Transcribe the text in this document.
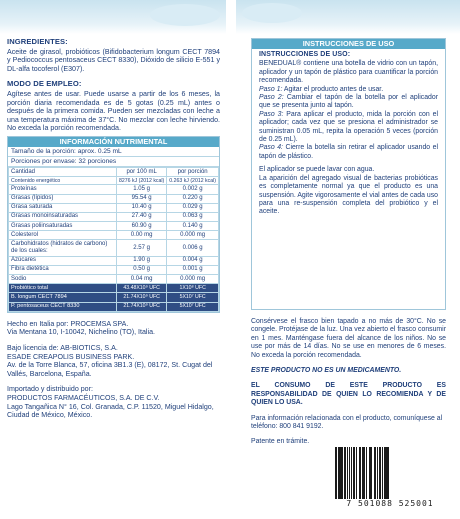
INGREDIENTES:

Aceite de girasol, probióticos (Bifidobacterium longum CECT 7894 y Pediococcus pentosaceus CECT 8330), Dióxido de silicio E-551 y DL-alfa tocoferol (E307).

MODO DE EMPLEO:

Agítese antes de usar. Puede usarse a partir de los 6 meses, la porción diaria recomendada es de 5 gotas (0.25 mL) antes o después de la primera comida. Pueden ser mezcladas con leche a una temperatura máxima de 37°C. No mezclar con leche hirviendo. No exceda la porción recomendada.

INFORMACIÓN NUTRIMENTAL
Tamaño de la porción: aprox. 0.25 mL
Porciones por envase: 32 porciones
Cantidad	por 100 mL	por porción
Contenido energético	8276 kJ (2012 kcal)	0.263 kJ (2012 kcal)
Proteínas	1.05 g	0.002 g
Grasas (lípidos)	95.54 g	0.220 g
Grasa saturada	10.40 g	0.029 g
Grasas monoinsaturadas	27.40 g	0.063 g
Grasas poliinsaturadas	60.90 g	0.140 g
Colesterol	0.00 mg	0.000 mg
Carbohidratos (hidratos de carbono) de los cuales:	2.57 g	0.006 g
Azúcares	1.90 g	0.004 g
Fibra dietética	0.50 g	0.001 g
Sodio	0.04 mg	0.000 mg
Probiótico total	43.48X10⁹ UFC	1X10⁸ UFC
B. longum CECT 7894	21.74X10⁹ UFC	5X10⁷ UFC
P. pentosaceus CECT 8330	21.74X10⁹ UFC	5X10⁷ UFC

Hecho en Italia por: PROCEMSA SPA.

Via Mentana 10, I-10042, Nichelino (TO), Italia.

Bajo licencia de: AB-BIOTICS, S.A.

ESADE CREAPOLIS BUSINESS PARK.

Av. de la Torre Blanca, 57, oficina 3B1.3 (E), 08172, St. Cugat del Vallés, Barcelona, España.

Importado y distribuido por:

PRODUCTOS FARMACÉUTICOS, S.A. DE C.V.

Lago Tangañica N° 16, Col. Granada, C.P. 11520, Miguel Hidalgo, Ciudad de México, México.

INSTRUCCIONES DE USO
INSTRUCCIONES DE USO:

BENEDUAL® contiene una botella de vidrio con un tapón, aplicador y un tapón de plástico para cuantificar la porción recomendada.

Paso 1: Agitar el producto antes de usar.

Paso 2: Cambiar el tapón de la botella por el aplicador que se presenta junto al tapón.

Paso 3: Para aplicar el producto, mida la porción con el aplicador; cada vez que se presiona el administrador se suministran 0.05 mL, repita la operación 5 veces (porción de 0.25 mL).

Paso 4: Cierre la botella sin retirar el aplicador usando el tapón de plástico.

El aplicador se puede lavar con agua.

La aparición del agregado visual de bacterias probióticas es completamente normal ya que el producto es una suspensión. Agite vigorosamente el vial antes de cada uso para una re-suspensión completa del probiótico y el aceite.

Consérvese el frasco bien tapado a no más de 30°C. No se congele. Protéjase de la luz. Una vez abierto el frasco consumir en 1 mes. Manténgase fuera del alcance de los niños. No se use por más de 14 días. No se use en menores de 6 meses. No exceda la porción recomendada.

ESTE PRODUCTO NO ES UN MEDICAMENTO.

EL CONSUMO DE ESTE PRODUCTO ES RESPONSABILIDAD DE QUIEN LO RECOMIENDA Y DE QUIEN LO USA.

Para información relacionada con el producto, comuníquese al teléfono: 800 841 9192.

Patente en trámite.

7 501088 525001
